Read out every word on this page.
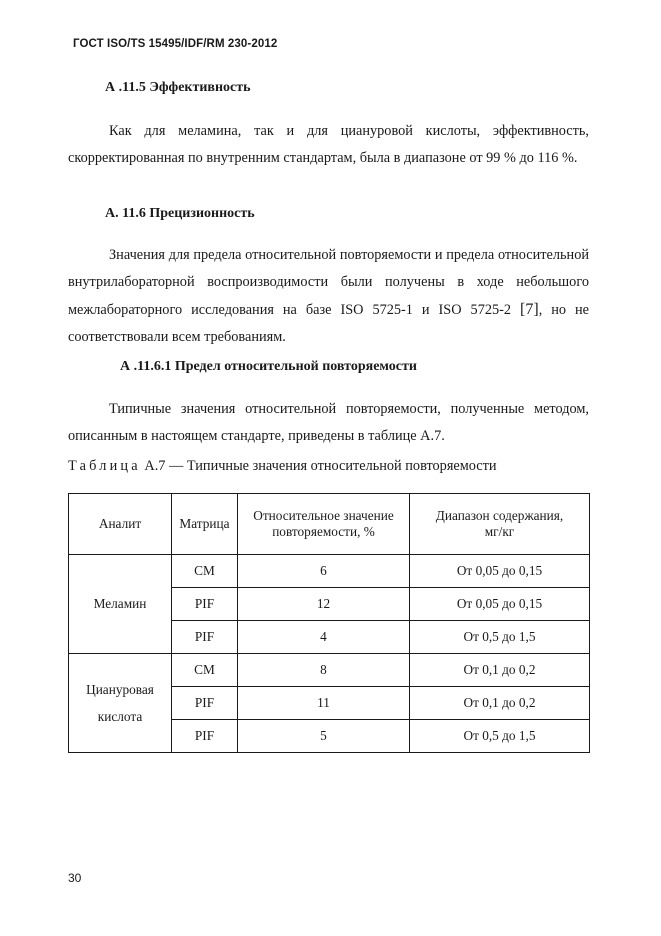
ГОСТ ISO/TS 15495/IDF/RM 230-2012
А .11.5 Эффективность

Как для меламина, так и для циануровой кислоты, эффективность, скорректированная по внутренним стандартам, была в диапазоне от 99 % до 116 %.

А. 11.6 Прецизионность

Значения для предела относительной повторяемости и предела относительной внутрилабораторной воспроизводимости были получены в ходе небольшого межлабораторного исследования на базе ISO 5725-1 и ISO 5725-2 [7], но не соответствовали всем требованиям.

А .11.6.1 Предел относительной повторяемости

Типичные значения относительной повторяемости, полученные методом, описанным в настоящем стандарте, приведены в таблице А.7.

Таблица А.7 — Типичные значения относительной повторяемости
Аналит	Матрица	Относительное значение повторяемости, %	Диапазон содержания, мг/кг
Меламин	CM	6	От 0,05 до 0,15
	PIF	12	От 0,05 до 0,15
	PIF	4	От 0,5 до 1,5
Циануровая кислота	CM	8	От 0,1 до 0,2
	PIF	11	От 0,1 до 0,2
	PIF	5	От 0,5 до 1,5
30
